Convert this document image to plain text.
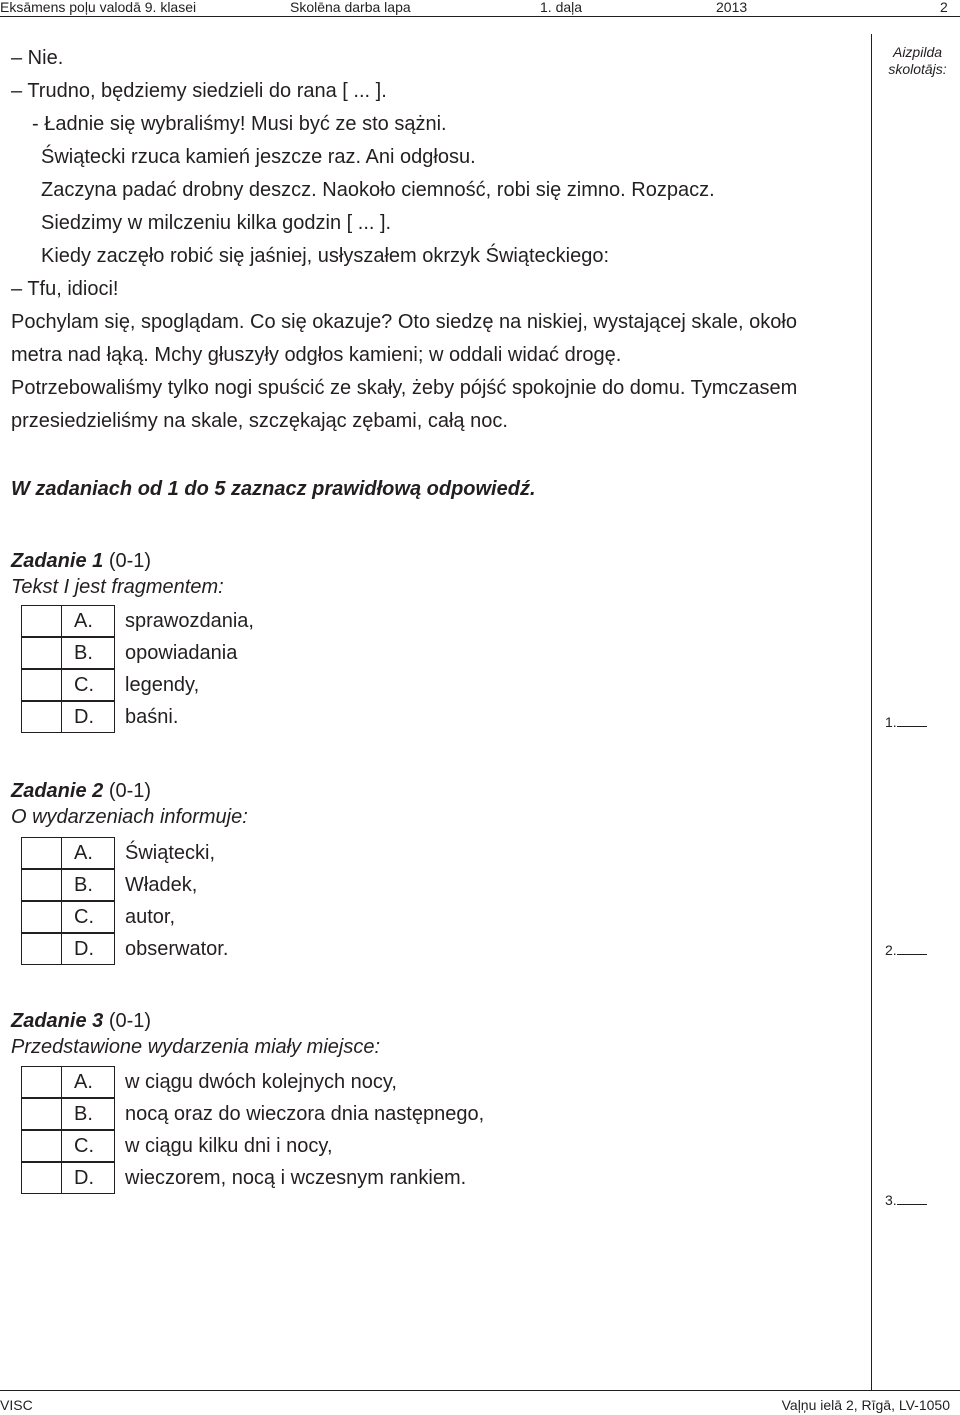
Eksāmens poļu valodā 9. klasei	Skolēna darba lapa	1. daļa	2013	2
Aizpilda
skolotājs:
– Nie.
– Trudno, będziemy siedzieli do rana [ ... ].
- Ładnie się wybraliśmy! Musi być ze sto sążni.
Świątecki rzuca kamień jeszcze raz. Ani odgłosu.
Zaczyna padać drobny deszcz. Naokoło ciemność, robi się zimno. Rozpacz.
Siedzimy w milczeniu kilka godzin [ ... ].
Kiedy zaczęło robić się jaśniej, usłyszałem okrzyk Świąteckiego:
– Tfu, idioci!
Pochylam się, spoglądam. Co się okazuje? Oto siedzę na niskiej, wystającej skale, około
metra nad łąką. Mchy głuszyły odgłos kamieni; w oddali widać drogę.
Potrzebowaliśmy tylko nogi spuścić ze skały, żeby pójść spokojnie do domu. Tymczasem
przesiedzieliśmy na skale, szczękając zębami, całą noc.
W zadaniach od 1 do 5 zaznacz prawidłową odpowiedź.
Zadanie 1 (0-1)
Tekst I jest fragmentem:
A.	sprawozdania,
B.	opowiadania
C.	legendy,
D.	baśni.	1.
Zadanie 2 (0-1)
O wydarzeniach informuje:
A.	Świątecki,
B.	Władek,
C.	autor,
D.	obserwator.	2.
Zadanie 3 (0-1)
Przedstawione wydarzenia miały miejsce:
A.	w ciągu dwóch kolejnych nocy,
B.	nocą oraz do wieczora dnia następnego,
C.	w ciągu kilku dni i nocy,
D.	wieczorem, nocą i wczesnym rankiem.
3.
VISC	Vaļņu ielā 2, Rīgā, LV-1050
